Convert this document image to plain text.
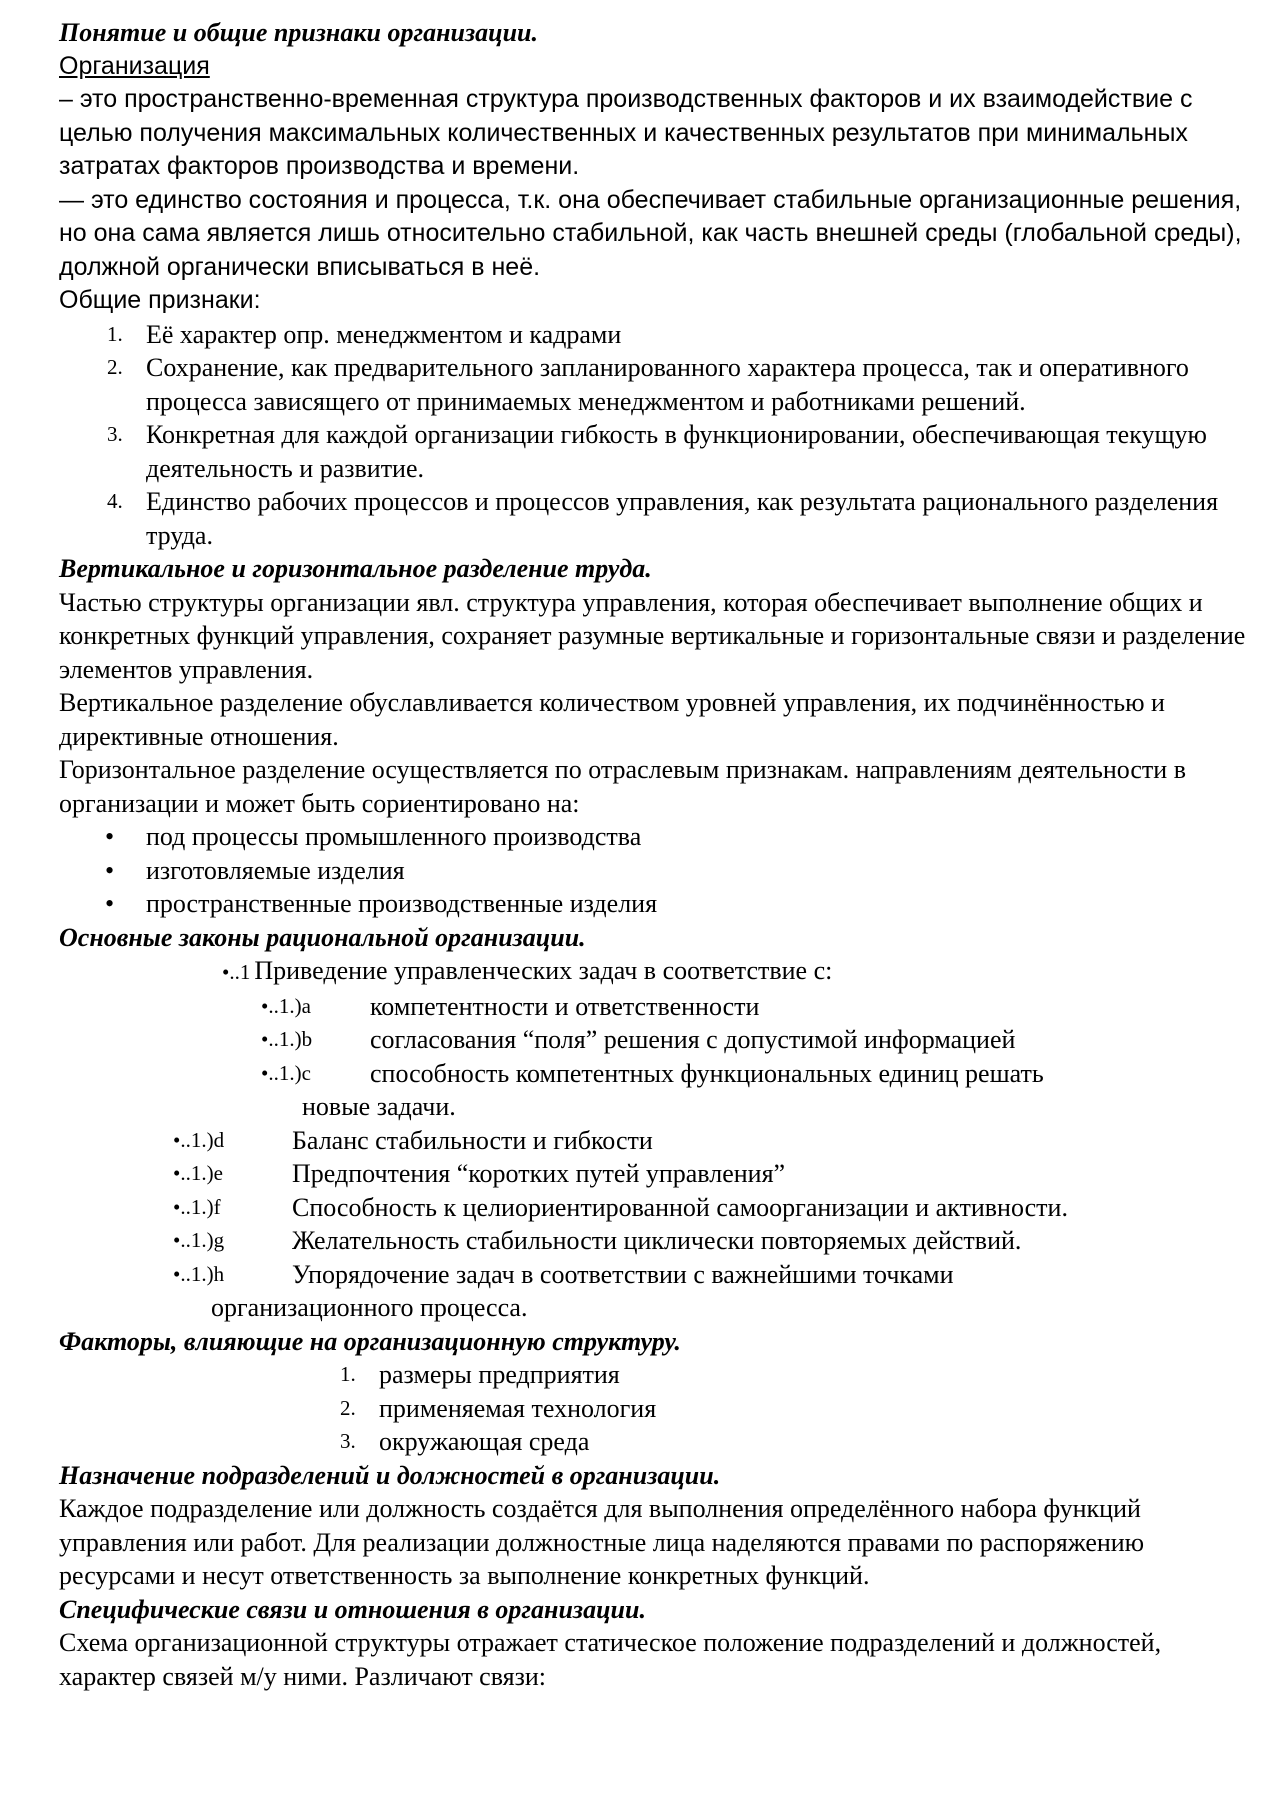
Понятие и общие признаки организации.

Организация

– это пространственно-временная структура производственных факторов и их взаимодействие с целью получения максимальных количественных и качественных результатов при минимальных затратах факторов производства и времени.

— это единство состояния и процесса, т.к. она обеспечивает стабильные организационные решения, но она сама является лишь относительно стабильной, как часть внешней среды (глобальной среды), должной органически вписываться в неё.

Общие признаки:

1. Её характер опр. менеджментом и кадрами
2. Сохранение, как предварительного запланированного характера процесса, так и оперативного процесса зависящего от принимаемых менеджментом и работниками решений.
3. Конкретная для каждой организации гибкость в функционировании, обеспечивающая текущую деятельность и развитие.
4. Единство рабочих процессов и процессов управления, как результата рационального разделения труда.

Вертикальное и горизонтальное разделение труда.

Частью структуры организации явл. структура управления, которая обеспечивает выполнение общих и конкретных функций управления, сохраняет разумные вертикальные и горизонтальные связи и разделение элементов управления.

Вертикальное разделение обуславливается количеством уровней управления, их подчинённостью и директивные отношения.

Горизонтальное разделение осуществляется по отраслевым признакам. направлениям деятельности в организации и может быть сориентировано на:

• под процессы промышленного производства
• изготовляемые изделия
• пространственные производственные изделия

Основные законы рациональной организации.

•..1 Приведение управленческих задач в соответствие с:
•..1.)a компетентности и ответственности
•..1.)b согласования “поля” решения с допустимой информацией
•..1.)c способность компетентных функциональных единиц решать
новые задачи.
•..1.)d	Баланс стабильности и гибкости
•..1.)e	Предпочтения “коротких путей управления”
•..1.)f	Способность к целиориентированной самоорганизации и активности.
•..1.)g	Желательность стабильности циклически повторяемых действий.
•..1.)h	Упорядочение задач в соответствии с важнейшими точками
организационного процесса.

Факторы, влияющие на организационную структуру.

1. размеры предприятия
2. применяемая технология
3. окружающая среда

Назначение подразделений и должностей в организации.

Каждое подразделение или должность создаётся для выполнения определённого набора функций управления или работ. Для реализации должностные лица наделяются правами по распоряжению ресурсами и несут ответственность за выполнение конкретных функций.

Специфические связи и отношения в организации.

Схема организационной структуры отражает статическое положение подразделений и должностей, характер связей м/у ними. Различают связи:
